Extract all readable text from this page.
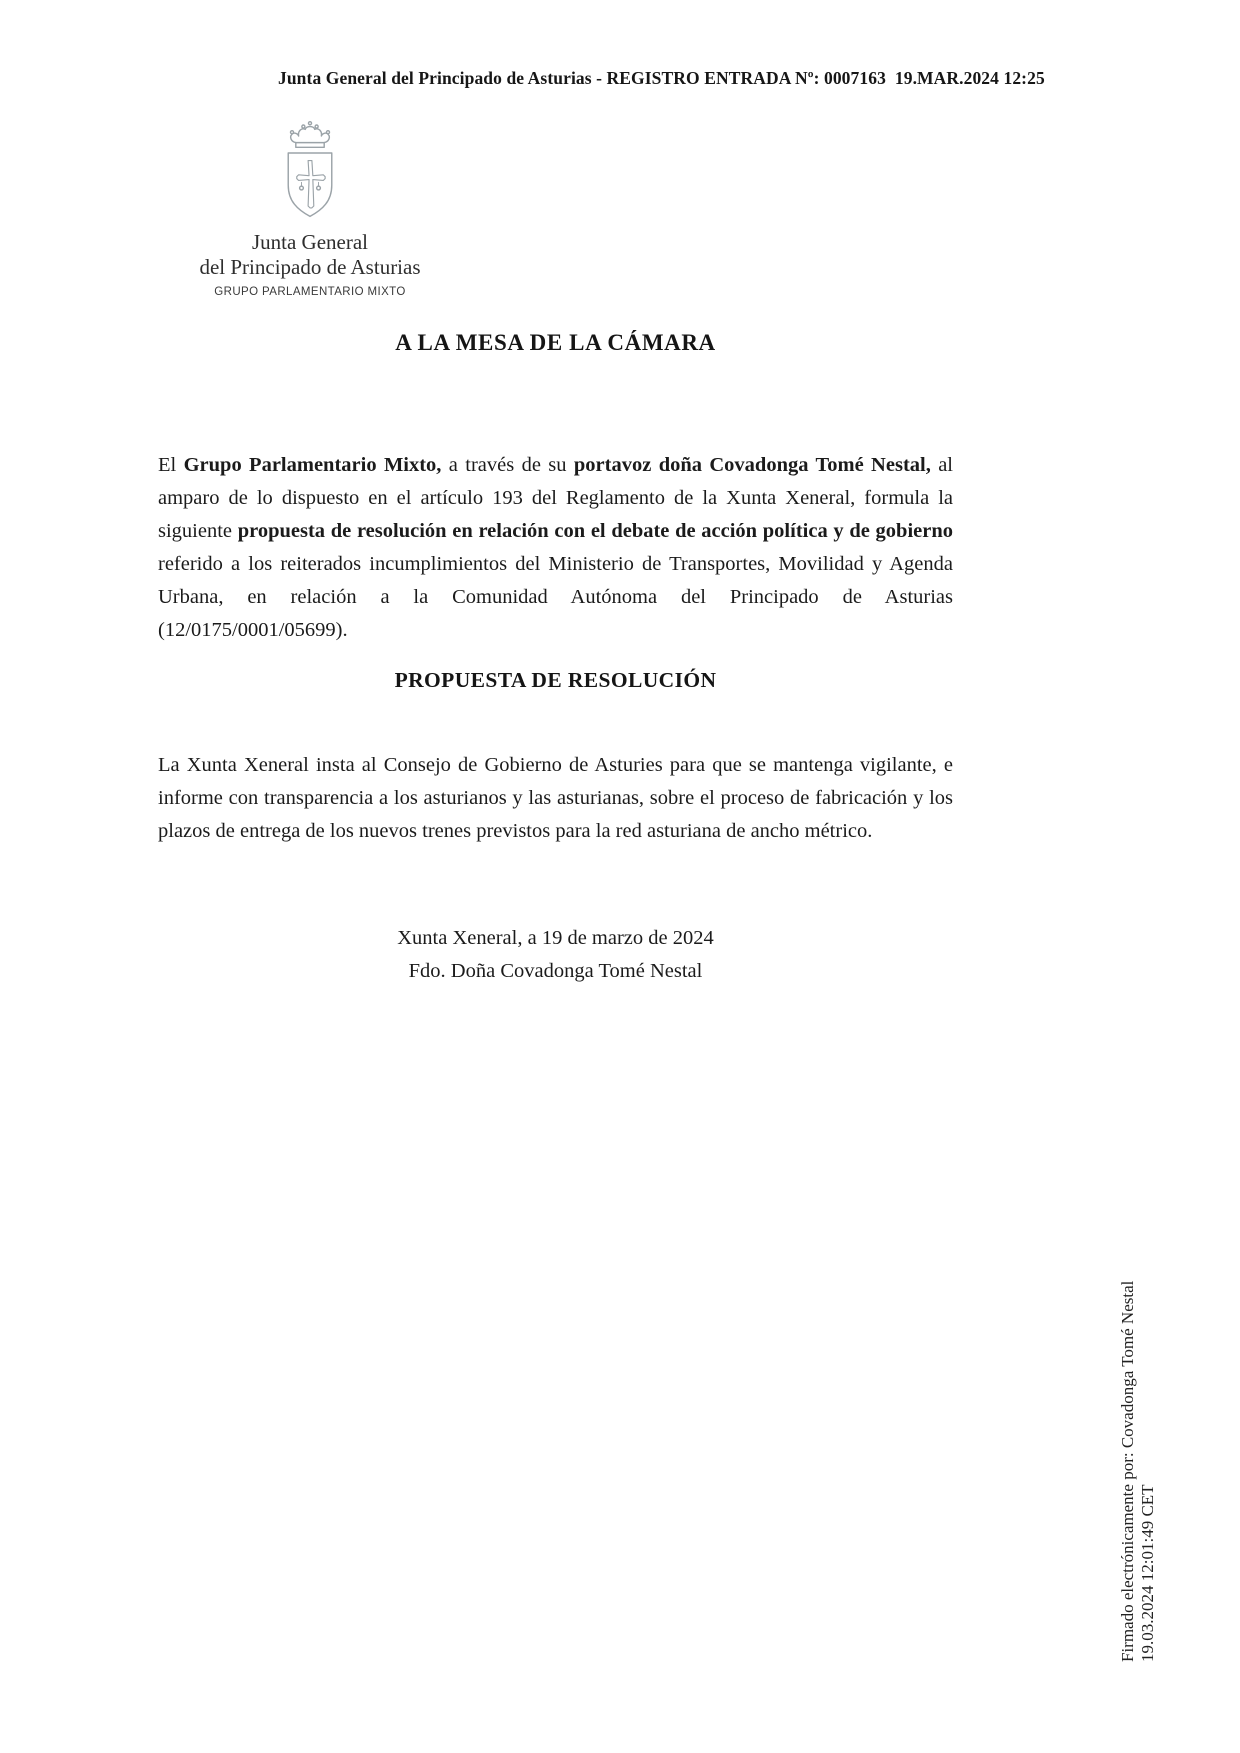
Junta General del Principado de Asturias - REGISTRO ENTRADA Nº: 0007163  19.MAR.2024 12:25
Junta General
del Principado de Asturias
GRUPO PARLAMENTARIO MIXTO
A LA MESA DE LA CÁMARA

El Grupo Parlamentario Mixto, a través de su portavoz doña Covadonga Tomé Nestal, al amparo de lo dispuesto en el artículo 193 del Reglamento de la Xunta Xeneral, formula la siguiente propuesta de resolución en relación con el debate de acción política y de gobierno referido a los reiterados incumplimientos del Ministerio de Transportes, Movilidad y Agenda Urbana, en relación a la Comunidad Autónoma del Principado de Asturias (12/0175/0001/05699).

PROPUESTA DE RESOLUCIÓN

La Xunta Xeneral insta al Consejo de Gobierno de Asturies para que se mantenga vigilante, e informe con transparencia a los asturianos y las asturianas, sobre el proceso de fabricación y los plazos de entrega de los nuevos trenes previstos para la red asturiana de ancho métrico.

Xunta Xeneral, a 19 de marzo de 2024
Fdo. Doña Covadonga Tomé Nestal
Firmado electrónicamente por: Covadonga Tomé Nestal 19.03.2024 12:01:49 CET
